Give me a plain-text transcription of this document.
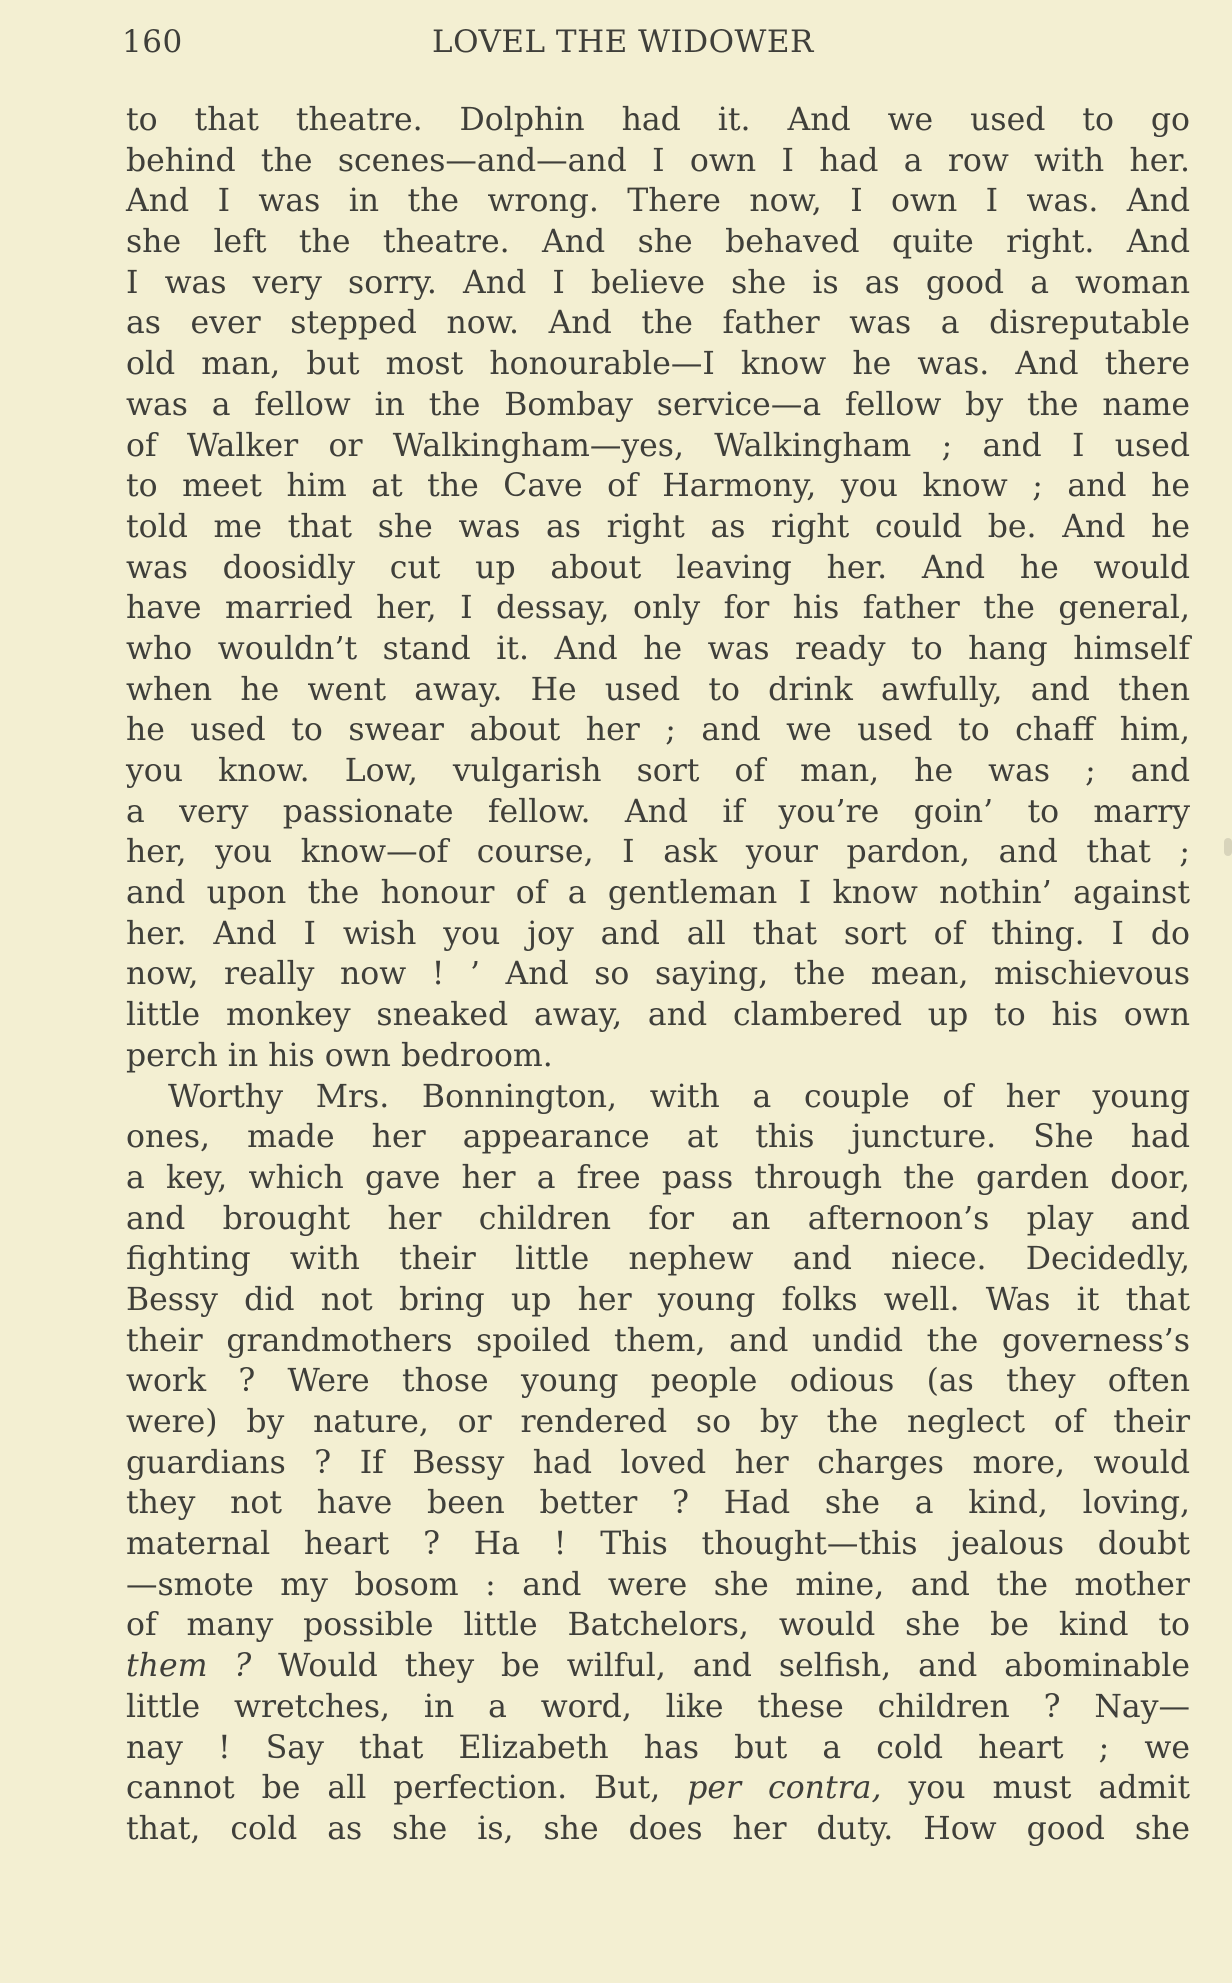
160	LOVEL THE WIDOWER
to that theatre. Dolphin had it. And we used to go
behind the scenes—and—and I own I had a row with her.
And I was in the wrong. There now, I own I was. And
she left the theatre. And she behaved quite right. And
I was very sorry. And I believe she is as good a woman
as ever stepped now. And the father was a disreputable
old man, but most honourable—I know he was. And there
was a fellow in the Bombay service—a fellow by the name
of Walker or Walkingham—yes, Walkingham ; and I used
to meet him at the Cave of Harmony, you know ; and he
told me that she was as right as right could be. And he
was doosidly cut up about leaving her. And he would
have married her, I dessay, only for his father the general,
who wouldn’t stand it. And he was ready to hang himself
when he went away. He used to drink awfully, and then
he used to swear about her ; and we used to chaff him,
you know. Low, vulgarish sort of man, he was ; and
a very passionate fellow. And if you’re goin’ to marry
her, you know—of course, I ask your pardon, and that ;
and upon the honour of a gentleman I know nothin’ against
her. And I wish you joy and all that sort of thing. I do
now, really now ! ’ And so saying, the mean, mischievous
little monkey sneaked away, and clambered up to his own
perch in his own bedroom.
Worthy Mrs. Bonnington, with a couple of her young
ones, made her appearance at this juncture. She had
a key, which gave her a free pass through the garden door,
and brought her children for an afternoon’s play and
fighting with their little nephew and niece. Decidedly,
Bessy did not bring up her young folks well. Was it that
their grandmothers spoiled them, and undid the governess’s
work ? Were those young people odious (as they often
were) by nature, or rendered so by the neglect of their
guardians ? If Bessy had loved her charges more, would
they not have been better ? Had she a kind, loving,
maternal heart ? Ha ! This thought—this jealous doubt
—smote my bosom : and were she mine, and the mother
of many possible little Batchelors, would she be kind to
them ? Would they be wilful, and selfish, and abominable
little wretches, in a word, like these children ? Nay—
nay ! Say that Elizabeth has but a cold heart ; we
cannot be all perfection. But, per contra, you must admit
that, cold as she is, she does her duty. How good she
